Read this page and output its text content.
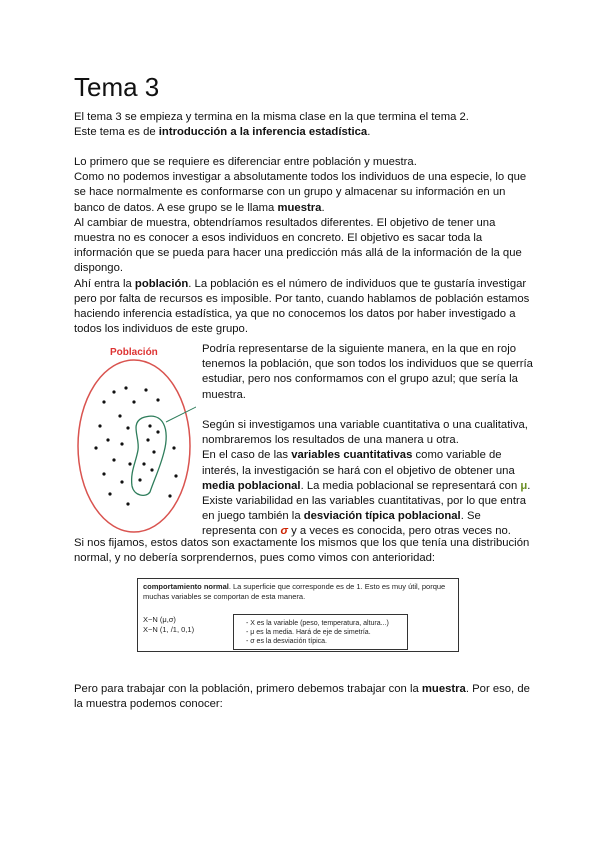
Tema 3

El tema 3 se empieza y termina en la misma clase en la que termina el tema 2.

Este tema es de introducción a la inferencia estadística.

Lo primero que se requiere es diferenciar entre población y muestra.

Como no podemos investigar a absolutamente todos los individuos de una especie, lo que se hace normalmente es conformarse con un grupo y almacenar su información en un banco de datos. A ese grupo se le llama muestra.

Al cambiar de muestra, obtendríamos resultados diferentes. El objetivo de tener una muestra no es conocer a esos individuos en concreto. El objetivo es sacar toda la información que se pueda para hacer una predicción más allá de la información de la que dispongo.

Ahí entra la población. La población es el número de individuos que te gustaría investigar pero por falta de recursos es imposible. Por tanto, cuando hablamos de población estamos haciendo inferencia estadística, ya que no conocemos los datos por haber investigado a todos los individuos de este grupo.

Población	Podría representarse de la siguiente manera, en la que en rojo tenemos la población, que son todos los individuos que se querría estudiar, pero nos conformamos con el grupo azul; que sería la muestra.

Según si investigamos una variable cuantitativa o una cualitativa, nombraremos los resultados de una manera u otra.

En el caso de las variables cuantitativas como variable de interés, la investigación se hará con el objetivo de obtener una media poblacional. La media poblacional se representará con μ. Existe variabilidad en las variables cuantitativas, por lo que entra en juego también la desviación típica poblacional. Se representa con σ y a veces es conocida, pero otras veces no.

Si nos fijamos, estos datos son exactamente los mismos que los que tenía una distribución normal, y no debería sorprendernos, pues como vimos con anterioridad:

comportamiento normal. La superficie que corresponde es de 1. Esto es muy útil, porque muchas variables se comportan de esta manera.
X~N (μ,σ)
X~N (1, /1, 0,1)
- X es la variable (peso, temperatura, altura...)
- μ es la media. Hará de eje de simetría.
- σ es la desviación típica.

Pero para trabajar con la población, primero debemos trabajar con la muestra. Por eso, de la muestra podemos conocer:
